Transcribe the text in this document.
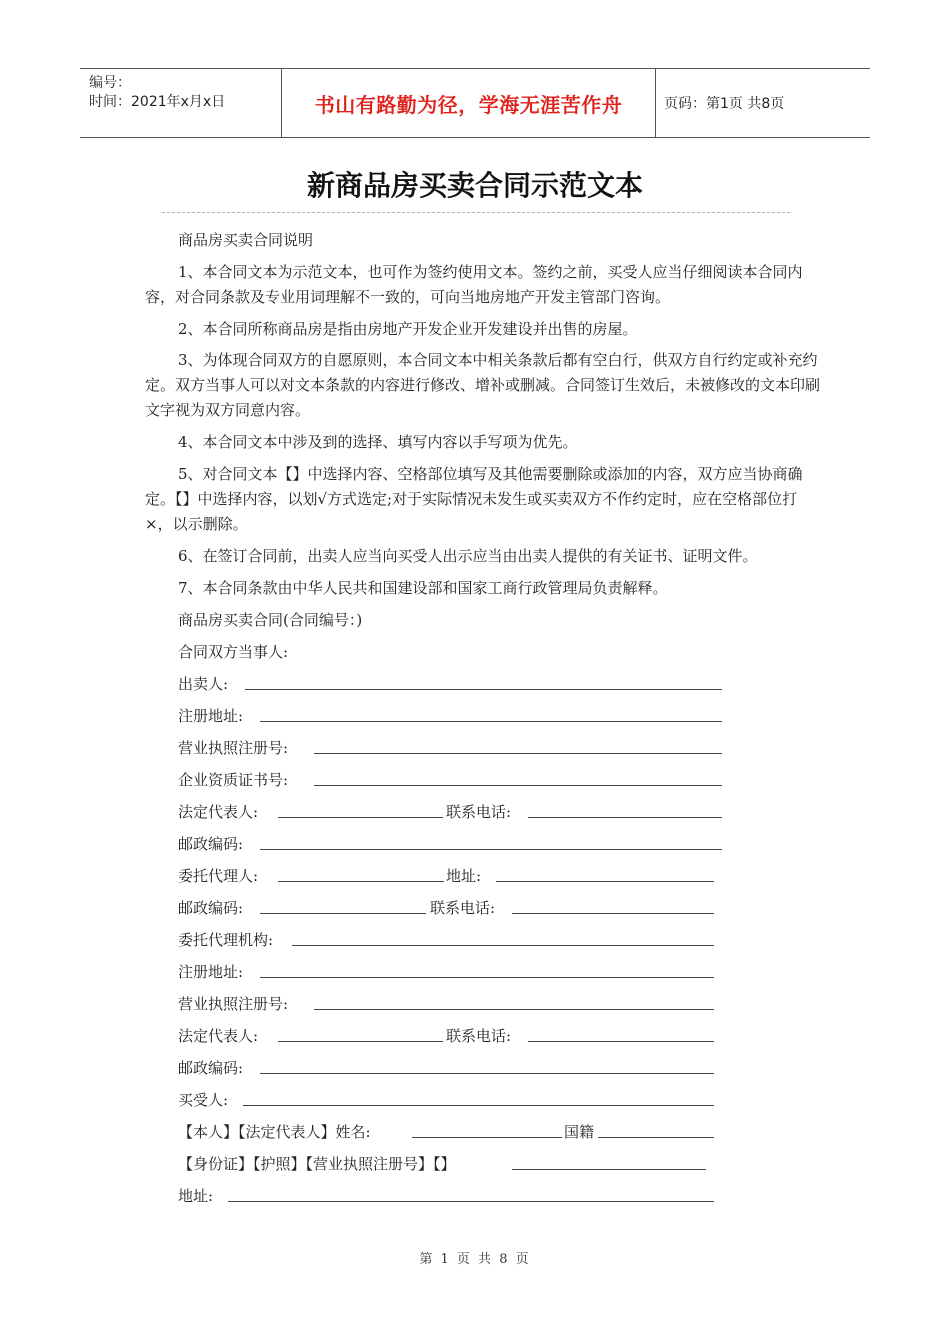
编号：
时间：2021年x月x日	书山有路勤为径，学海无涯苦作舟	页码：第1页 共8页
新商品房买卖合同示范文本
商品房买卖合同说明
1、本合同文本为示范文本，也可作为签约使用文本。签约之前，买受人应当仔细阅读本合同内容，对合同条款及专业用词理解不一致的，可向当地房地产开发主管部门咨询。
2、本合同所称商品房是指由房地产开发企业开发建设并出售的房屋。
3、为体现合同双方的自愿原则，本合同文本中相关条款后都有空白行，供双方自行约定或补充约定。双方当事人可以对文本条款的内容进行修改、增补或删减。合同签订生效后，未被修改的文本印刷文字视为双方同意内容。
4、本合同文本中涉及到的选择、填写内容以手写项为优先。
5、对合同文本【】中选择内容、空格部位填写及其他需要删除或添加的内容，双方应当协商确定。【】中选择内容，以划√方式选定;对于实际情况未发生或买卖双方不作约定时，应在空格部位打×，以示删除。
6、在签订合同前，出卖人应当向买受人出示应当由出卖人提供的有关证书、证明文件。
7、本合同条款由中华人民共和国建设部和国家工商行政管理局负责解释。
商品房买卖合同(合同编号：)
合同双方当事人:
出卖人:
注册地址:
营业执照注册号:
企业资质证书号:
法定代表人:	联系电话:
邮政编码:
委托代理人:	地址:
邮政编码:	联系电话:
委托代理机构:
注册地址:
营业执照注册号:
法定代表人:	联系电话:
邮政编码:
买受人:
【本人】【法定代表人】姓名:	国籍
【身份证】【护照】【营业执照注册号】【】
地址:
第 1 页 共 8 页
